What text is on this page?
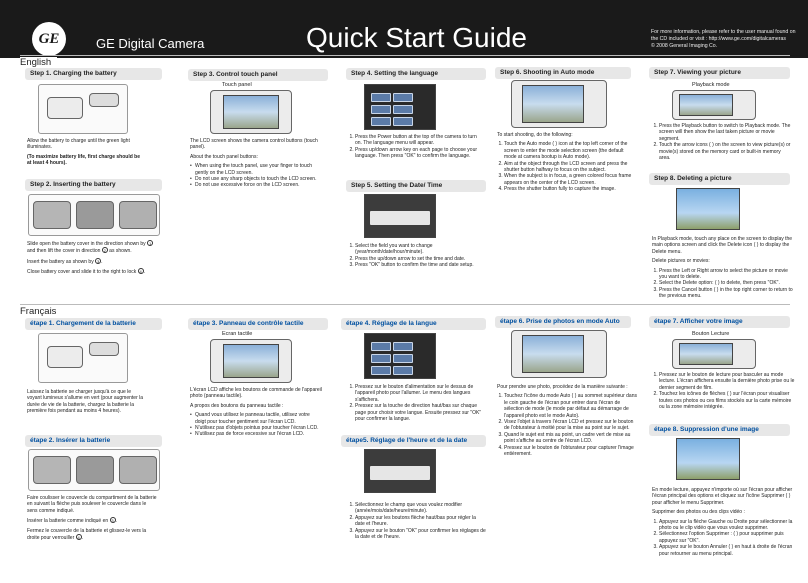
GE	GE Digital Camera	Quick Start Guide	For more information, please refer to the user manual found on
the CD included or visit : http://www.ge.com/digitalcameras
© 2008 General Imaging Co.
English
Step 1. Charging the battery

Allow the battery to charge until the green light illuminates.

(To maximize battery life, first charge should be at least 4 hours).

Step 2. Inserting the battery

Slide open the battery cover in the direction shown by 1 and then lift the cover in direction 2 as shown.

Insert the battery as shown by 3 .

Close battery cover and slide it to the right to lock 4 .

Step 3. Control touch panel
Touch panel

The LCD screen shows the camera control buttons (touch panel).

About the touch panel buttons:

• When using the touch panel, use your finger to touch gently on the LCD screen.
• Do not use any sharp objects to touch the LCD screen.
• Do not use excessive force on the LCD screen.
Step 4. Setting the language
1. Press the Power button at the top of the camera to turn on. The language menu will appear.
2. Press up/down arrow key on each page to choose your language. Then press "OK" to confirm the language.
Step 5. Setting the Date/ Time
1. Select the field you want to change (year/month/date/hour/minute).
2. Press the up/down arrow to set the time and date.
3. Press "OK" button to confirm the time and date setup.
Step 6. Shooting in Auto mode

To start shooting, do the following:

1. Touch the Auto mode ( ) icon at the top left corner of the screen to enter the mode selection screen (the default mode at camera bootup is Auto mode).
2. Aim at the object through the LCD screen and press the shutter button halfway to focus on the subject.
3. When the subject is in focus, a green colored focus frame appears on the center of the LCD screen.
4. Press the shutter button fully to capture the image.
Step 7. Viewing your picture
Playback mode
1. Press the Playback button to switch to Playback mode. The screen will then show the last taken picture or movie segment.
2. Touch the arrow icons ( ) on the screen to view picture(s) or movie(s) stored on the memory card or built-in memory area.
Step 8. Deleting a picture

In Playback mode, touch any place on the screen to display the main options screen and click the Delete icon ( ) to display the Delete menu.

Delete pictures or movies:

1. Press the Left or Right arrow to select the picture or movie you want to delete.
2. Select the Delete option: ( ) to delete, then press "OK".
3. Press the Cancel button ( ) in the top right corner to return to the previous menu.
Français
étape 1. Chargement de la batterie

Laissez la batterie se charger jusqu'à ce que le voyant lumineux s'allume en vert (pour augmenter la durée de vie de la batterie, chargez la batterie la première fois pendant au moins 4 heures).

étape 2. Insérer la batterie

Faire coulisser le couvercle du compartiment de la batterie en suivant la flèche puis soulever le couvercle dans le sens comme indiqué.

Insérer la batterie comme indiqué en 3 .

Fermez le couvercle de la batterie et glissez-le vers la droite pour verrouiller 4 .

étape 3. Panneau de contrôle tactile
Ecran tactile

L'écran LCD affiche les boutons de commande de l'appareil photo (panneau tactile).

A propos des boutons du panneau tactile :

• Quand vous utilisez le panneau tactile, utilisez votre doigt pour toucher gentiment sur l'écran LCD.
• N'utilisez pas d'objets pointus pour toucher l'écran LCD.
• N'utilisez pas de force excessive sur l'écran LCD.
étape 4. Réglage de la langue
1. Pressez sur le bouton d'alimentation sur le dessus de l'appareil photo pour l'allumer. Le menu des langues s'affichera.
2. Pressez sur la touche de direction haut/bas sur chaque page pour choisir votre langue. Ensuite pressez sur "OK" pour confirmer la langue.
étape5. Réglage de l'heure et de la date
1. Sélectionnez le champ que vous voulez modifier (année/mois/date/heure/minute).
2. Appuyez sur les boutons flèche haut/bas pour régler la date et l'heure.
3. Appuyez sur le bouton "OK" pour confirmer les réglages de la date et de l'heure.
étape 6. Prise de photos en mode Auto

Pour prendre une photo, procédez de la manière suivante :

1. Touchez l'icône du mode Auto ( ) au sommet supérieur dans le coin gauche de l'écran pour entrer dans l'écran de sélection de mode (le mode par défaut au démarrage de l'appareil photo est le mode Auto).
2. Visez l'objet à travers l'écran LCD et pressez sur le bouton de l'obturateur à moitié pour la mise au point sur le sujet.
3. Quand le sujet est mis au point, un cadre vert de mise au point s'affiche au centre de l'écran LCD.
4. Pressez sur le bouton de l'obturateur pour capturer l'image entièrement.
étape 7. Afficher votre image
Bouton Lecture
1. Pressez sur le bouton de lecture pour basculer au mode lecture. L'écran affichera ensuite la dernière photo prise ou le dernier segment de film.
2. Touchez les icônes de flèches ( ) sur l'écran pour visualiser toutes ces photos ou ces films stockés sur la carte mémoire ou la zone mémoire intégrée.
étape 8. Suppression d'une image

En mode lecture, appuyez n'importe où sur l'écran pour afficher l'écran principal des options et cliquez sur l'icône Supprimer ( ) pour afficher le menu Supprimer.

Supprimer des photos ou des clips vidéo :

1. Appuyez sur la flèche Gauche ou Droite pour sélectionner la photo ou le clip vidéo que vous voulez supprimer.
2. Sélectionnez l'option Supprimer : ( ) pour supprimer puis appuyez sur "OK".
3. Appuyez sur le bouton Annuler ( ) en haut à droite de l'écran pour retourner au menu principal.
